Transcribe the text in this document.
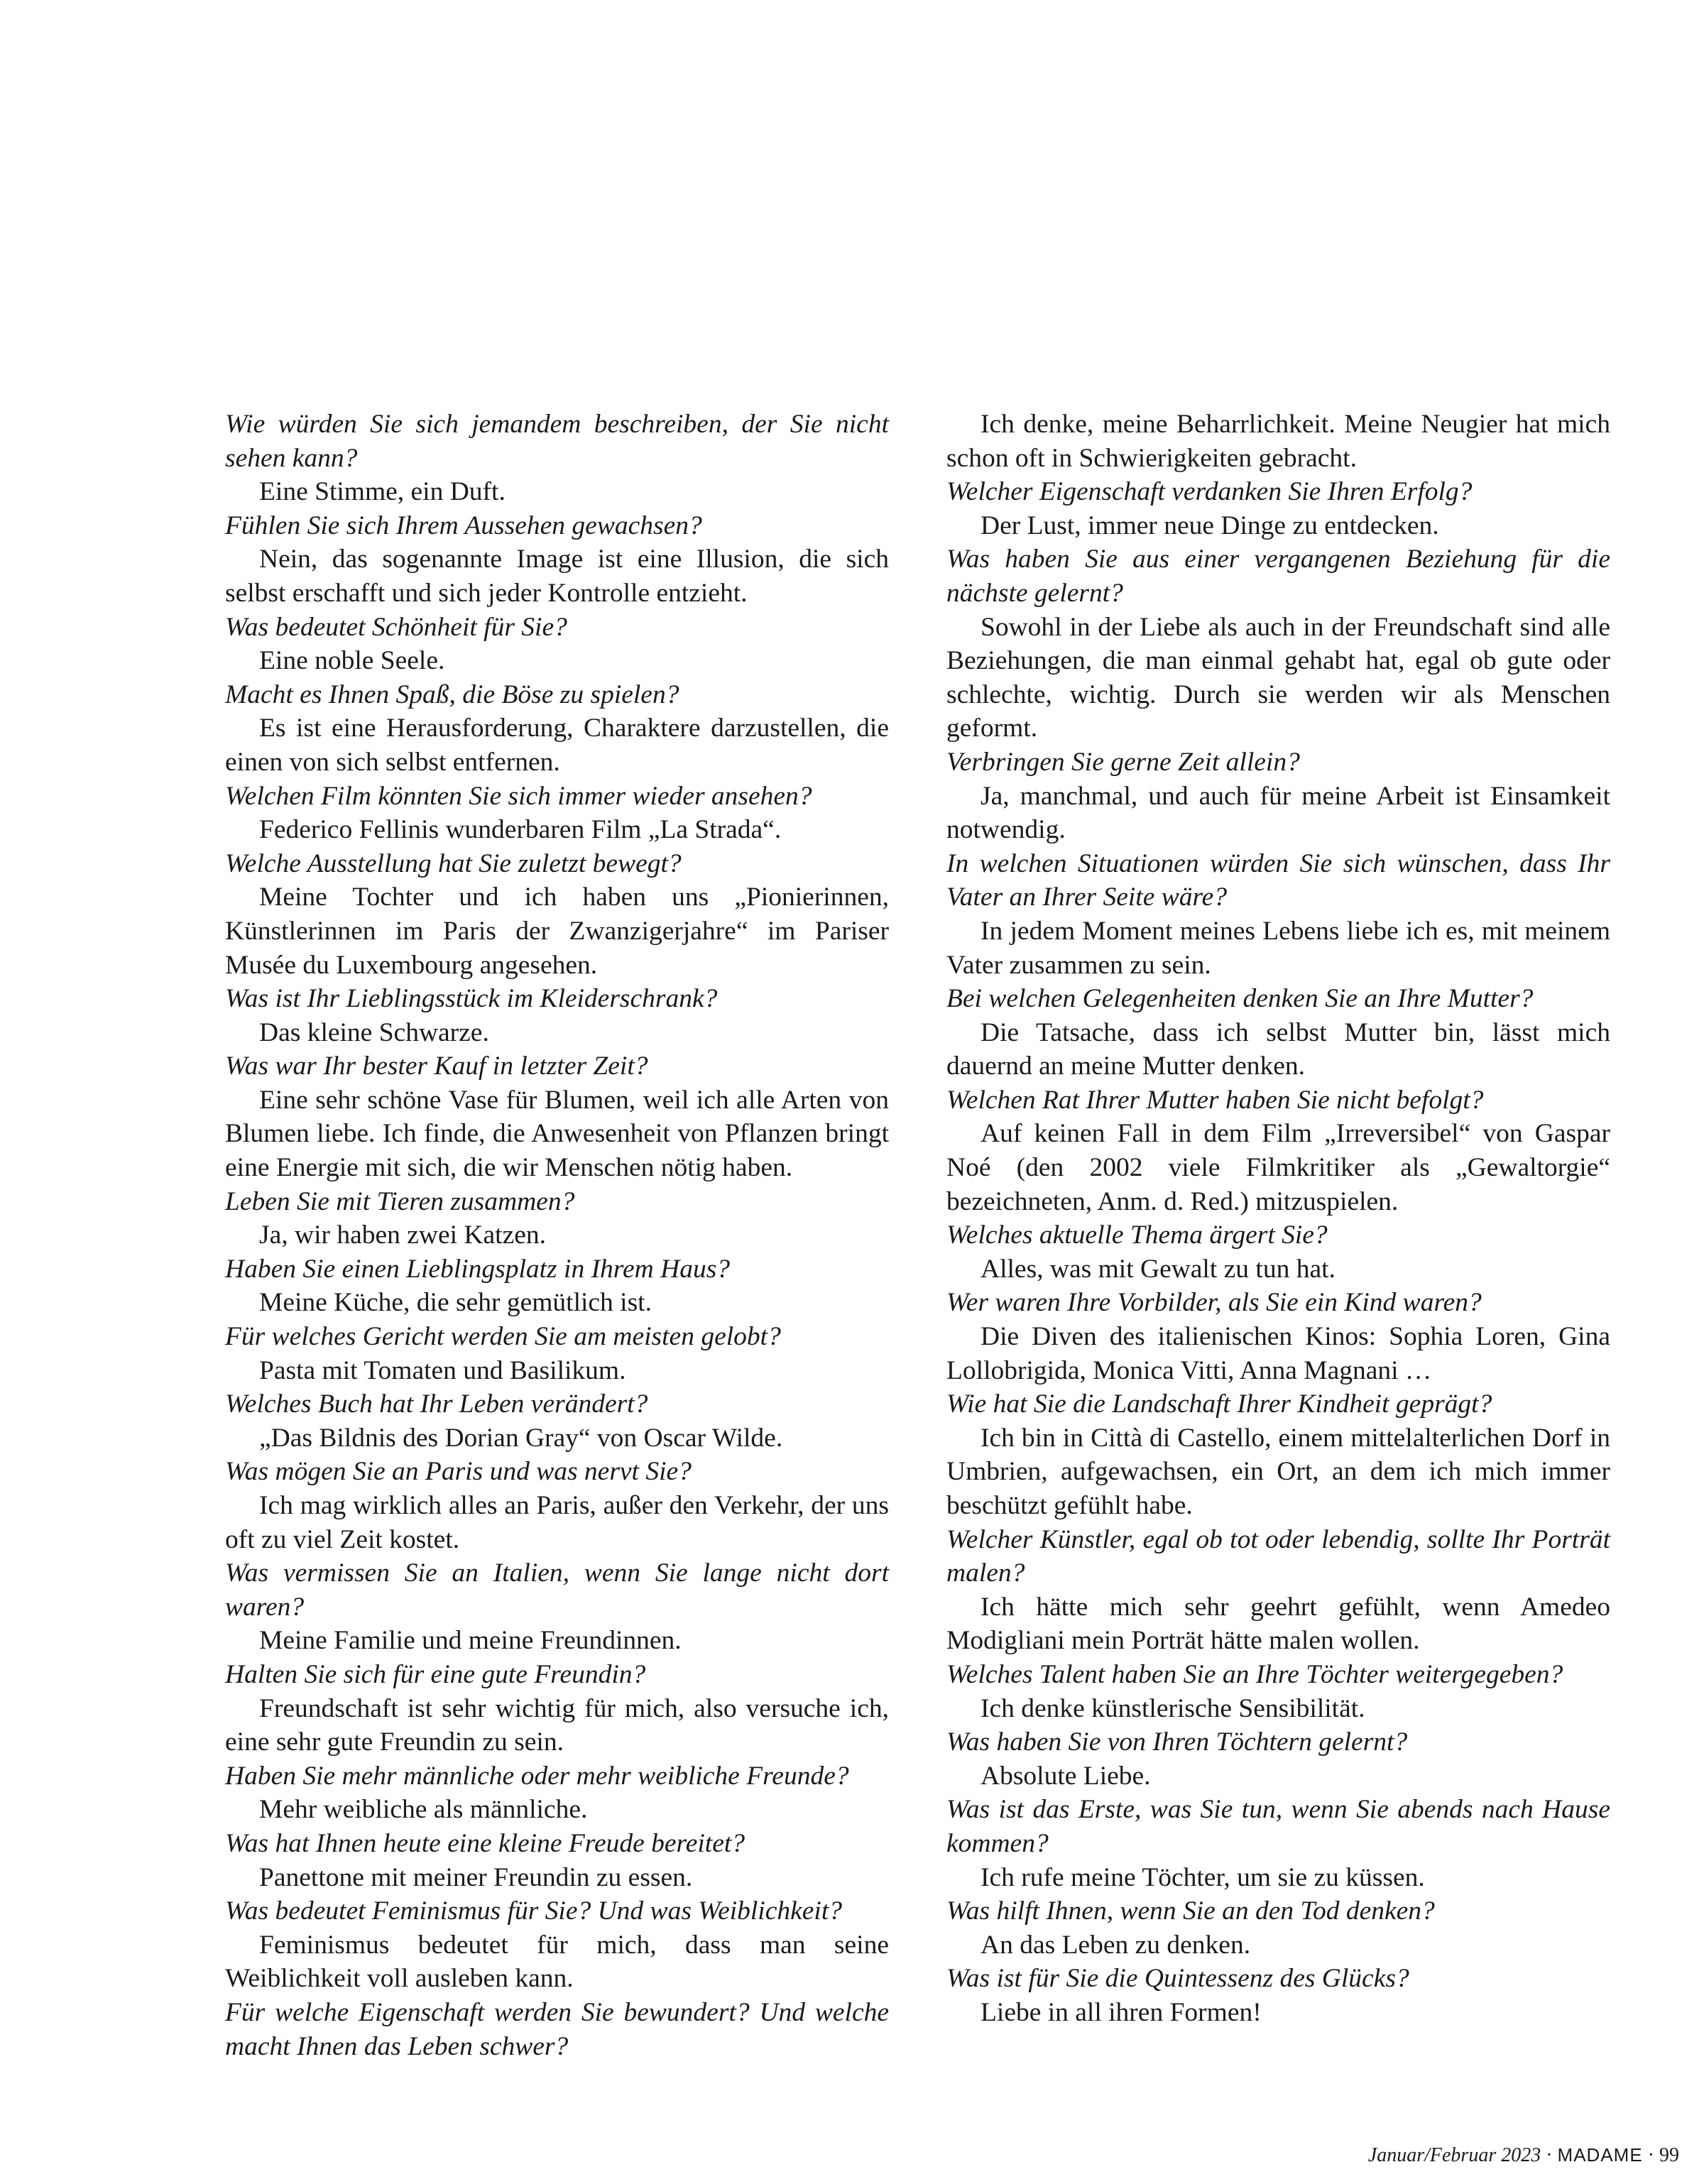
Wie würden Sie sich jemandem beschreiben, der Sie nicht sehen kann?

Eine Stimme, ein Duft.

Fühlen Sie sich Ihrem Aussehen gewachsen?

Nein, das sogenannte Image ist eine Illusion, die sich selbst erschafft und sich jeder Kontrolle entzieht.

Was bedeutet Schönheit für Sie?

Eine noble Seele.

Macht es Ihnen Spaß, die Böse zu spielen?

Es ist eine Herausforderung, Charaktere darzustellen, die einen von sich selbst entfernen.

Welchen Film könnten Sie sich immer wieder ansehen?

Federico Fellinis wunderbaren Film „La Strada“.

Welche Ausstellung hat Sie zuletzt bewegt?

Meine Tochter und ich haben uns „Pionierinnen, Künstlerinnen im Paris der Zwanzigerjahre“ im Pariser Musée du Luxembourg angesehen.

Was ist Ihr Lieblingsstück im Kleiderschrank?

Das kleine Schwarze.

Was war Ihr bester Kauf in letzter Zeit?

Eine sehr schöne Vase für Blumen, weil ich alle Arten von Blumen liebe. Ich finde, die Anwesenheit von Pflanzen bringt eine Energie mit sich, die wir Menschen nötig haben.

Leben Sie mit Tieren zusammen?

Ja, wir haben zwei Katzen.

Haben Sie einen Lieblingsplatz in Ihrem Haus?

Meine Küche, die sehr gemütlich ist.

Für welches Gericht werden Sie am meisten gelobt?

Pasta mit Tomaten und Basilikum.

Welches Buch hat Ihr Leben verändert?

„Das Bildnis des Dorian Gray“ von Oscar Wilde.

Was mögen Sie an Paris und was nervt Sie?

Ich mag wirklich alles an Paris, außer den Verkehr, der uns oft zu viel Zeit kostet.

Was vermissen Sie an Italien, wenn Sie lange nicht dort waren?

Meine Familie und meine Freundinnen.

Halten Sie sich für eine gute Freundin?

Freundschaft ist sehr wichtig für mich, also versuche ich, eine sehr gute Freundin zu sein.

Haben Sie mehr männliche oder mehr weibliche Freunde?

Mehr weibliche als männliche.

Was hat Ihnen heute eine kleine Freude bereitet?

Panettone mit meiner Freundin zu essen.

Was bedeutet Feminismus für Sie? Und was Weiblichkeit?

Feminismus bedeutet für mich, dass man seine Weiblichkeit voll ausleben kann.

Für welche Eigenschaft werden Sie bewundert? Und welche macht Ihnen das Leben schwer?

Ich denke, meine Beharrlichkeit. Meine Neugier hat mich schon oft in Schwierigkeiten gebracht.

Welcher Eigenschaft verdanken Sie Ihren Erfolg?

Der Lust, immer neue Dinge zu entdecken.

Was haben Sie aus einer vergangenen Beziehung für die nächste gelernt?

Sowohl in der Liebe als auch in der Freundschaft sind alle Beziehungen, die man einmal gehabt hat, egal ob gute oder schlechte, wichtig. Durch sie werden wir als Menschen geformt.

Verbringen Sie gerne Zeit allein?

Ja, manchmal, und auch für meine Arbeit ist Einsamkeit notwendig.

In welchen Situationen würden Sie sich wünschen, dass Ihr Vater an Ihrer Seite wäre?

In jedem Moment meines Lebens liebe ich es, mit meinem Vater zusammen zu sein.

Bei welchen Gelegenheiten denken Sie an Ihre Mutter?

Die Tatsache, dass ich selbst Mutter bin, lässt mich dauernd an meine Mutter denken.

Welchen Rat Ihrer Mutter haben Sie nicht befolgt?

Auf keinen Fall in dem Film „Irreversibel“ von Gaspar Noé (den 2002 viele Filmkritiker als „Gewaltorgie“ bezeichneten, Anm. d. Red.) mitzuspielen.

Welches aktuelle Thema ärgert Sie?

Alles, was mit Gewalt zu tun hat.

Wer waren Ihre Vorbilder, als Sie ein Kind waren?

Die Diven des italienischen Kinos: Sophia Loren, Gina Lollobrigida, Monica Vitti, Anna Magnani …

Wie hat Sie die Landschaft Ihrer Kindheit geprägt?

Ich bin in Città di Castello, einem mittelalterlichen Dorf in Umbrien, aufgewachsen, ein Ort, an dem ich mich immer beschützt gefühlt habe.

Welcher Künstler, egal ob tot oder lebendig, sollte Ihr Porträt malen?

Ich hätte mich sehr geehrt gefühlt, wenn Amedeo Modigliani mein Porträt hätte malen wollen.

Welches Talent haben Sie an Ihre Töchter weitergegeben?

Ich denke künstlerische Sensibilität.

Was haben Sie von Ihren Töchtern gelernt?

Absolute Liebe.

Was ist das Erste, was Sie tun, wenn Sie abends nach Hause kommen?

Ich rufe meine Töchter, um sie zu küssen.

Was hilft Ihnen, wenn Sie an den Tod denken?

An das Leben zu denken.

Was ist für Sie die Quintessenz des Glücks?

Liebe in all ihren Formen!

Januar/Februar 2023 · MADAME · 99
